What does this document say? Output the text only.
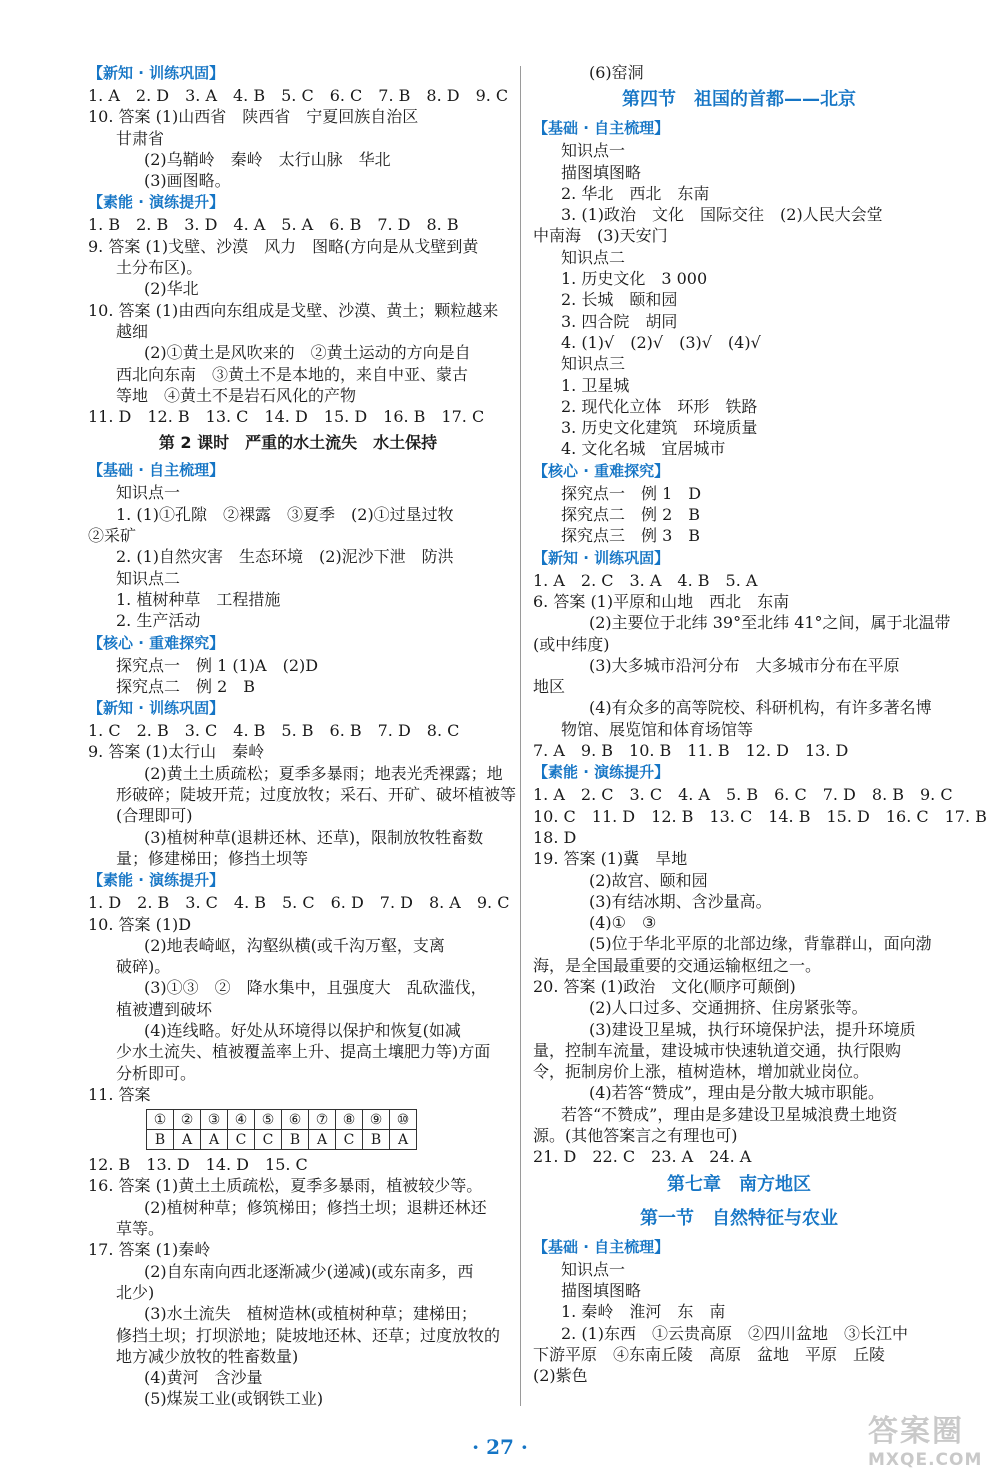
【新知 · 训练巩固】
1. A　2. D　3. A　4. B　5. C　6. C　7. B　8. D　9. C
10. 答案 (1)山西省　陕西省　宁夏回族自治区
甘肃省
(2)乌鞘岭　秦岭　太行山脉　华北
(3)画图略。
【素能 · 演练提升】
1. B　2. B　3. D　4. A　5. A　6. B　7. D　8. B
9. 答案 (1)戈壁、沙漠　风力　图略(方向是从戈壁到黄
土分布区)。
(2)华北
10. 答案 (1)由西向东组成是戈壁、沙漠、黄土；颗粒越来
越细
(2)①黄土是风吹来的　②黄土运动的方向是自
西北向东南　③黄土不是本地的，来自中亚、蒙古
等地　④黄土不是岩石风化的产物
11. D　12. B　13. C　14. D　15. D　16. B　17. C
第 2 课时　严重的水土流失　水土保持
【基础 · 自主梳理】
知识点一
1. (1)①孔隙　②裸露　③夏季　(2)①过垦过牧
②采矿
2. (1)自然灾害　生态环境　(2)泥沙下泄　防洪
知识点二
1. 植树种草　工程措施
2. 生产活动
【核心 · 重难探究】
探究点一　例 1 (1)A　(2)D
探究点二　例 2　B
【新知 · 训练巩固】
1. C　2. B　3. C　4. B　5. B　6. B　7. D　8. C
9. 答案 (1)太行山　秦岭
(2)黄土土质疏松；夏季多暴雨；地表光秃裸露；地
形破碎；陡坡开荒；过度放牧；采石、开矿、破坏植被等
(合理即可)
(3)植树种草(退耕还林、还草)，限制放牧牲畜数
量；修建梯田；修挡土坝等
【素能 · 演练提升】
1. D　2. B　3. C　4. B　5. C　6. D　7. D　8. A　9. C
10. 答案 (1)D
(2)地表崎岖，沟壑纵横(或千沟万壑，支离
破碎)。
(3)①③　②　降水集中，且强度大　乱砍滥伐，
植被遭到破坏
(4)连线略。好处从环境得以保护和恢复(如减
少水土流失、植被覆盖率上升、提高土壤肥力等)方面
分析即可。
11. 答案
①	②	③	④	⑤	⑥	⑦	⑧	⑨	⑩
B	A	A	C	C	B	A	C	B	A
12. B　13. D　14. D　15. C
16. 答案 (1)黄土土质疏松，夏季多暴雨，植被较少等。
(2)植树种草；修筑梯田；修挡土坝；退耕还林还
草等。
17. 答案 (1)秦岭
(2)自东南向西北逐渐减少(递减)(或东南多，西
北少)
(3)水土流失　植树造林(或植树种草；建梯田；
修挡土坝；打坝淤地；陡坡地还林、还草；过度放牧的
地方减少放牧的牲畜数量)
(4)黄河　含沙量
(5)煤炭工业(或钢铁工业)
(6)窑洞
第四节　祖国的首都——北京
【基础 · 自主梳理】
知识点一
描图填图略
2. 华北　西北　东南
3. (1)政治　文化　国际交往　(2)人民大会堂
中南海　(3)天安门
知识点二
1. 历史文化　3 000
2. 长城　颐和园
3. 四合院　胡同
4. (1)√　(2)√　(3)√　(4)√
知识点三
1. 卫星城
2. 现代化立体　环形　铁路
3. 历史文化建筑　环境质量
4. 文化名城　宜居城市
【核心 · 重难探究】
探究点一　例 1　D
探究点二　例 2　B
探究点三　例 3　B
【新知 · 训练巩固】
1. A　2. C　3. A　4. B　5. A
6. 答案 (1)平原和山地　西北　东南
(2)主要位于北纬 39°至北纬 41°之间，属于北温带
(或中纬度)
(3)大多城市沿河分布　大多城市分布在平原
地区
(4)有众多的高等院校、科研机构，有许多著名博
物馆、展览馆和体育场馆等
7. A　9. B　10. B　11. B　12. D　13. D
【素能 · 演练提升】
1. A　2. C　3. C　4. A　5. B　6. C　7. D　8. B　9. C
10. C　11. D　12. B　13. C　14. B　15. D　16. C　17. B
18. D
19. 答案 (1)冀　旱地
(2)故宫、颐和园
(3)有结冰期、含沙量高。
(4)①　③
(5)位于华北平原的北部边缘，背靠群山，面向渤
海，是全国最重要的交通运输枢纽之一。
20. 答案 (1)政治　文化(顺序可颠倒)
(2)人口过多、交通拥挤、住房紧张等。
(3)建设卫星城，执行环境保护法，提升环境质
量，控制车流量，建设城市快速轨道交通，执行限购
令，扼制房价上涨，植树造林，增加就业岗位。
(4)若答“赞成”，理由是分散大城市职能。
若答“不赞成”，理由是多建设卫星城浪费土地资
源。(其他答案言之有理也可)
21. D　22. C　23. A　24. A
第七章　南方地区
第一节　自然特征与农业
【基础 · 自主梳理】
知识点一
描图填图略
1. 秦岭　淮河　东　南
2. (1)东西　①云贵高原　②四川盆地　③长江中
下游平原　④东南丘陵　高原　盆地　平原　丘陵
(2)紫色
· 27 ·	答案圈
MXQE.COM
